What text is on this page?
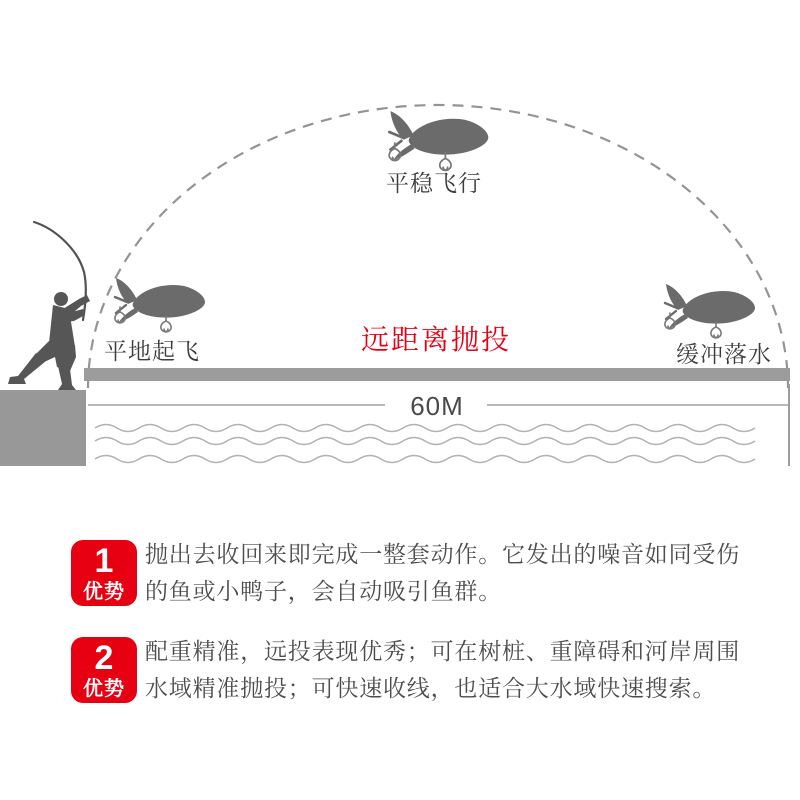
平稳飞行
平地起飞	远距离抛投	缓冲落水
60M
1
优势
抛出去收回来即完成一整套动作。它发出的噪音如同受伤的鱼或小鸭子，会自动吸引鱼群。
2
优势
配重精准，远投表现优秀；可在树桩、重障碍和河岸周围水域精准抛投；可快速收线，也适合大水域快速搜索。
